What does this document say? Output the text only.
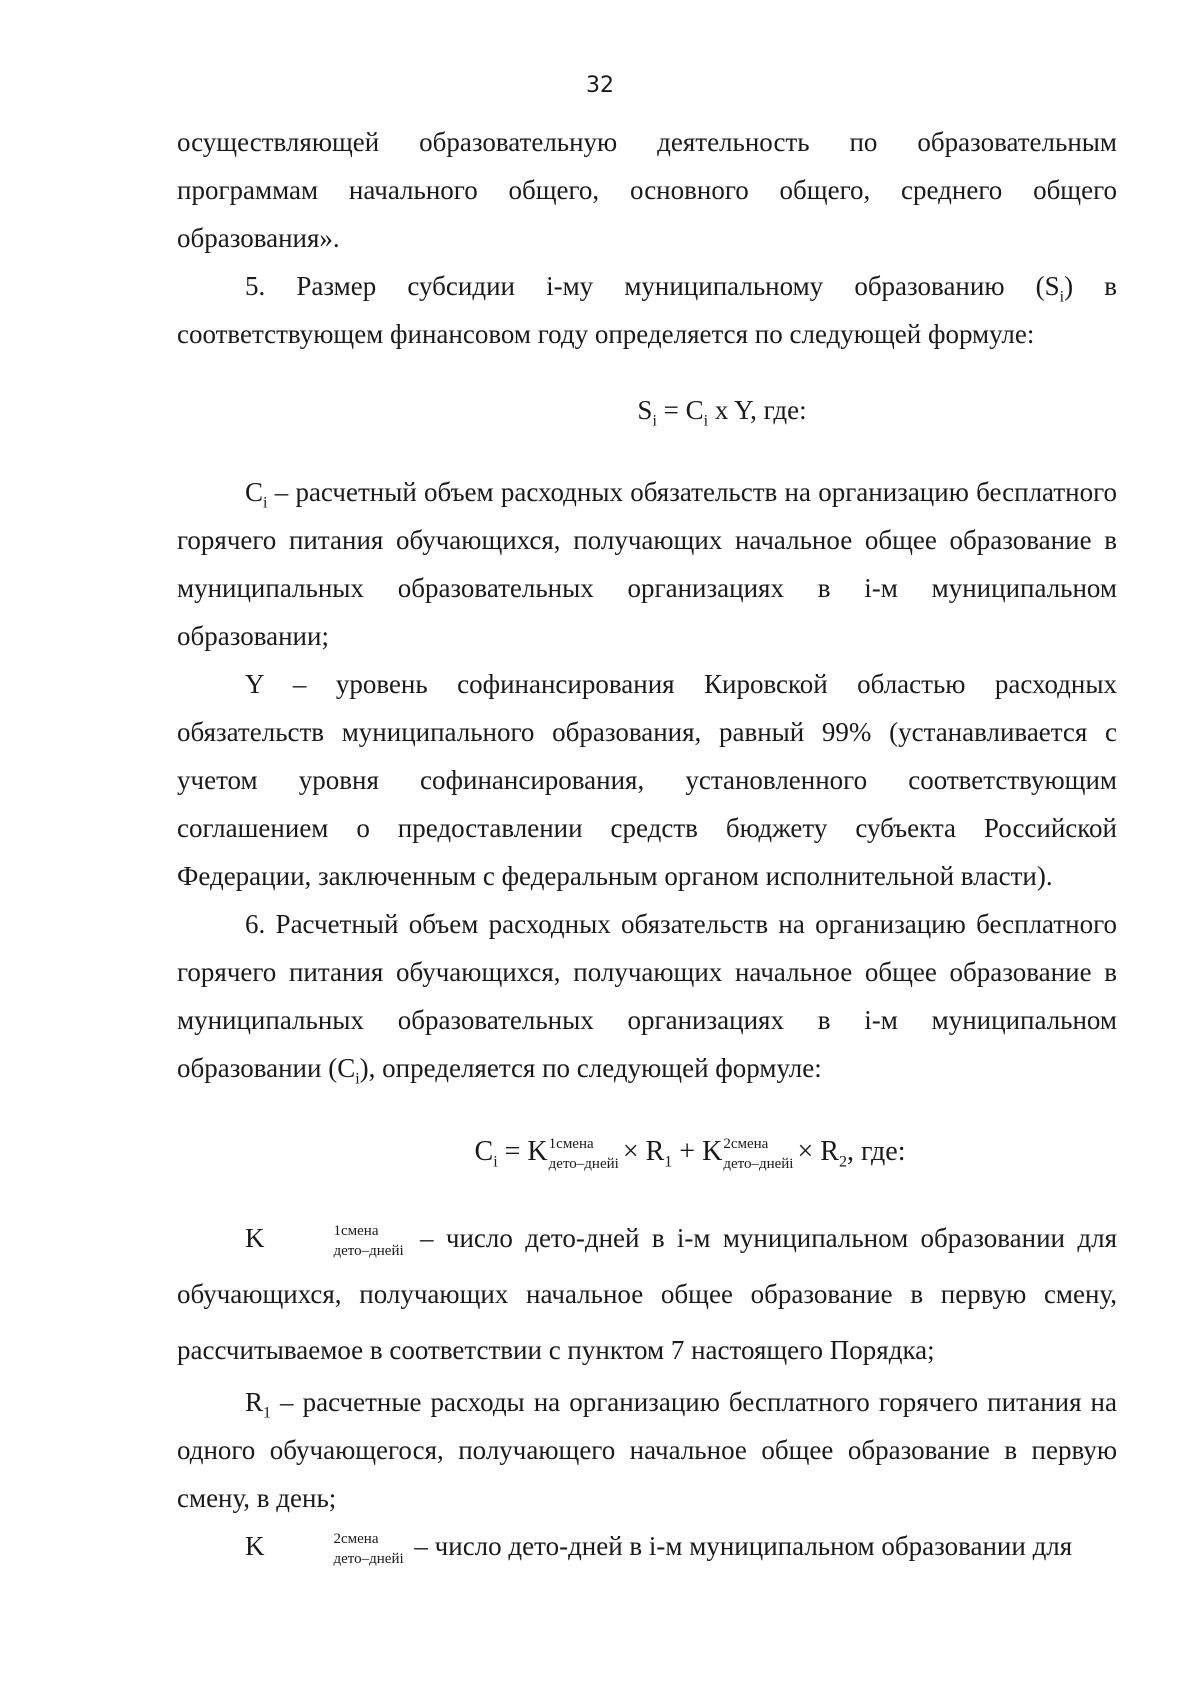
32

осуществляющей образовательную деятельность по образовательным программам начального общего, основного общего, среднего общего образования».

5. Размер субсидии i-му муниципальному образованию $(S_i)$ в соответствующем финансовом году определяется по следующей формуле:

$S_i = C_i$ x Y, где:

$C_i$ – расчетный объем расходных обязательств на организацию бесплатного горячего питания обучающихся, получающих начальное общее образование в муниципальных образовательных организациях в i-м муниципальном образовании;

Y – уровень софинансирования Кировской областью расходных обязательств муниципального образования, равный 99% (устанавливается с учетом уровня софинансирования, установленного соответствующим соглашением о предоставлении средств бюджету субъекта Российской Федерации, заключенным с федеральным органом исполнительной власти).

6. Расчетный объем расходных обязательств на организацию бесплатного горячего питания обучающихся, получающих начальное общее образование в муниципальных образовательных организациях в i-м муниципальном образовании $(C_i)$, определяется по следующей формуле:

$C_i = K$ 1смена
дето–днейi × $R_1 + K$ 2смена
дето–днейi × $R_2$, где:

K	1смена
дето–днейi – число дето-дней в i-м муниципальном образовании для обучающихся, получающих начальное общее образование в первую смену, рассчитываемое в соответствии с пунктом 7 настоящего Порядка;

$R_1$ – расчетные расходы на организацию бесплатного горячего питания на одного обучающегося, получающего начальное общее образование в первую смену, в день;

K	2смена
дето–днейi – число дето-дней в i-м муниципальном образовании для
